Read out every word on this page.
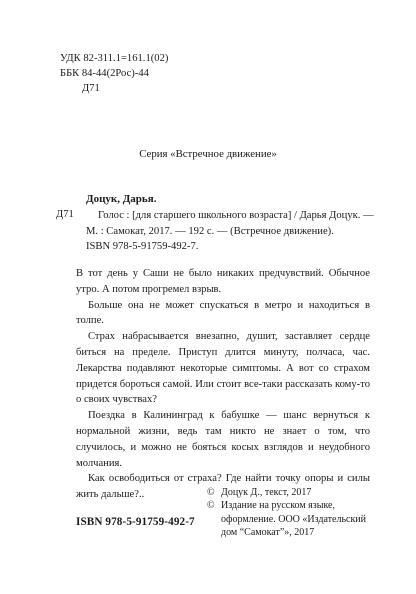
УДК 82-311.1=161.1(02)
ББК 84-44(2Рос)-44
Д71
Серия «Встречное движение»
Доцук, Дарья.
Д71	Голос : [для старшего школьного возраста] / Дарья Доцук. —
М. : Самокат, 2017. — 192 с. — (Встречное движение).
ISBN 978-5-91759-492-7.

В тот день у Саши не было никаких предчувствий. Обычное утро. А потом прогремел взрыв.

Больше она не может спускаться в метро и находиться в толпе.

Страх набрасывается внезапно, душит, заставляет сердце биться на пределе. Приступ длится минуту, полчаса, час. Лекарства подавляют некоторые симптомы. А вот со страхом придется бороться самой. Или стоит все-таки рассказать кому-то о своих чувствах?

Поездка в Калининград к бабушке — шанс вернуться к нормальной жизни, ведь там никто не знает о том, что случилось, и можно не бояться косых взглядов и неудобного молчания.

Как освободиться от страха? Где найти точку опоры и силы жить дальше?..	© Доцук Д., текст, 2017
© Издание на русском языке,
оформление. ООО «Издательский
дом “Самокат”», 2017
ISBN 978-5-91759-492-7
